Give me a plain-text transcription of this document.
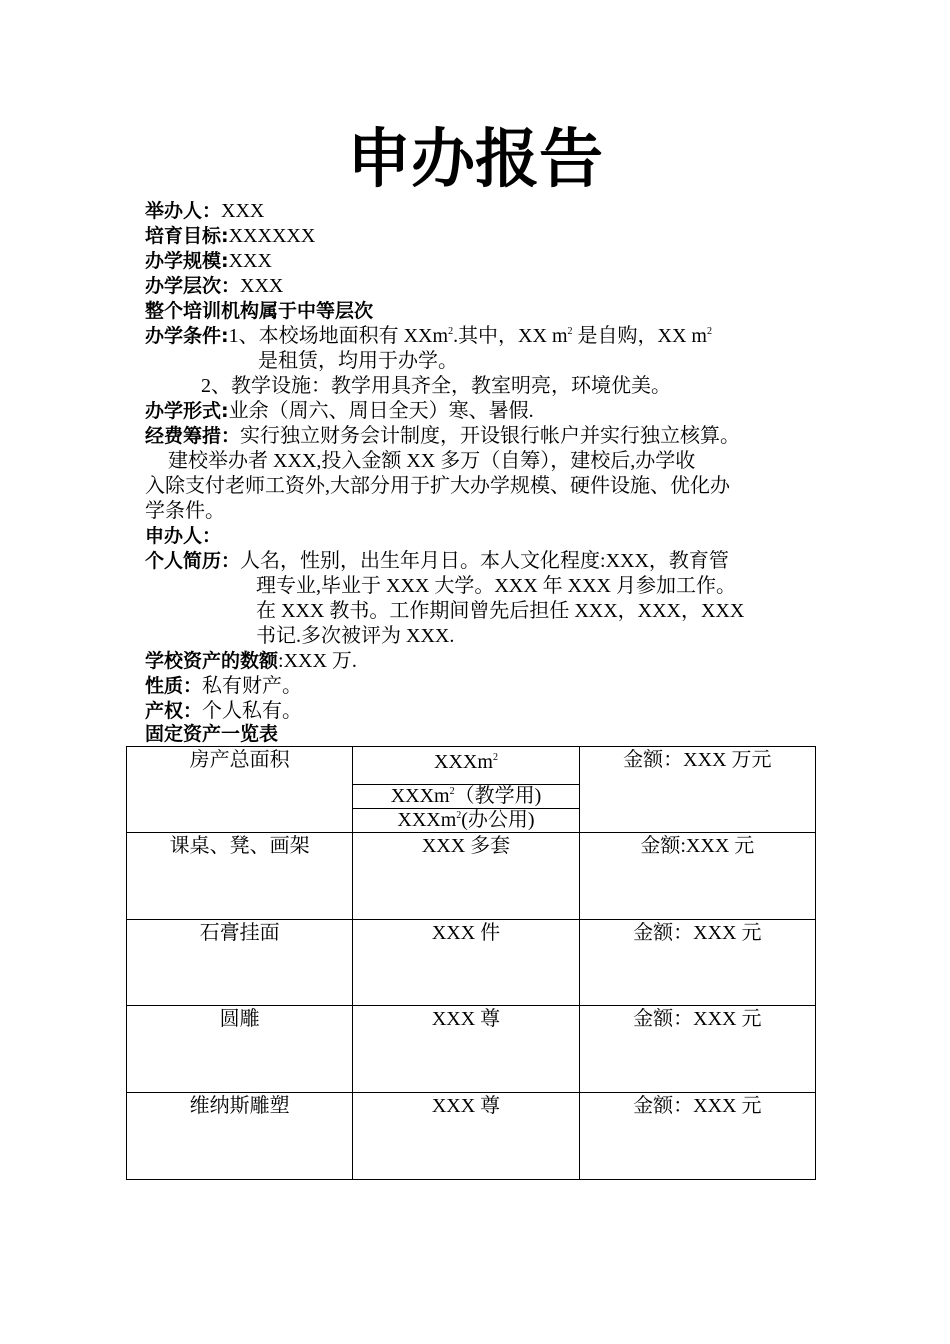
申办报告
举办人：XXX
培育目标:XXXXXX
办学规模:XXX
办学层次：XXX
整个培训机构属于中等层次
办学条件:1、本校场地面积有 XXm$^2$.其中，XX $m^2$ 是自购，XX $m^2$
是租赁，均用于办学。
2、教学设施：教学用具齐全，教室明亮，环境优美。
办学形式:业余（周六、周日全天）寒、暑假.
经费筹措：实行独立财务会计制度，开设银行帐户并实行独立核算。
建校举办者 XXX,投入金额 XX 多万（自筹），建校后,办学收
入除支付老师工资外,大部分用于扩大办学规模、硬件设施、优化办
学条件。
申办人：
个人简历：人名，性别，出生年月日。本人文化程度:XXX，教育管
理专业,毕业于 XXX 大学。XXX 年 XXX 月参加工作。
在 XXX 教书。工作期间曾先后担任 XXX，XXX，XXX
书记.多次被评为 XXX.
学校资产的数额:XXX 万.
性质：私有财产。
产权：个人私有。
固定资产一览表
房产总面积	XXXm$^2$	金额：XXX 万元
	XXXm$^2$（教学用)	
	XXXm$^2$(办公用)	
课桌、凳、画架	XXX 多套	金额:XXX 元
石膏挂面	XXX 件	金额：XXX 元
圆雕	XXX 尊	金额：XXX 元
维纳斯雕塑	XXX 尊	金额：XXX 元
